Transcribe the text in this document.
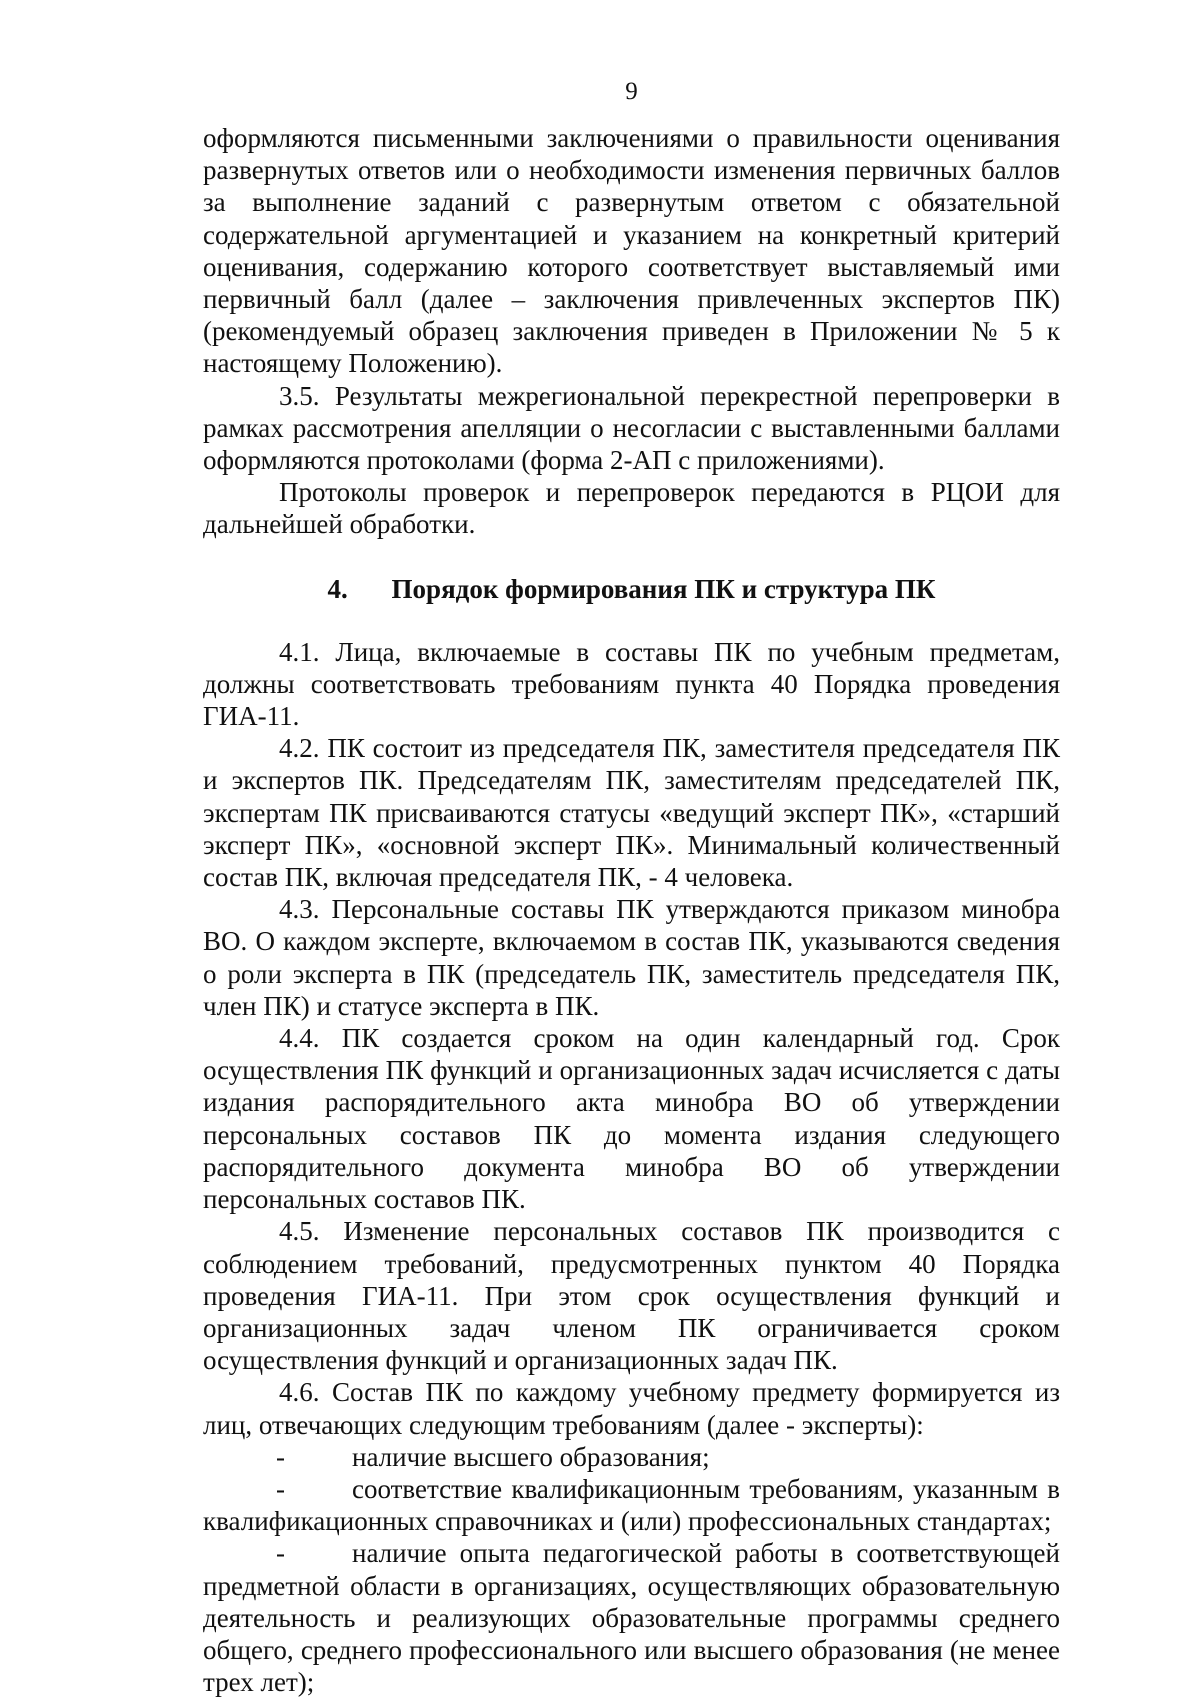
9

оформляются письменными заключениями о правильности оценивания развернутых ответов или о необходимости изменения первичных баллов за выполнение заданий с развернутым ответом с обязательной содержательной аргументацией и указанием на конкретный критерий оценивания, содержанию которого соответствует выставляемый ими первичный балл (далее – заключения привлеченных экспертов ПК) (рекомендуемый образец заключения приведен в Приложении № 5 к настоящему Положению).

3.5. Результаты межрегиональной перекрестной перепроверки в рамках рассмотрения апелляции о несогласии с выставленными баллами оформляются протоколами (форма 2-АП с приложениями).

Протоколы проверок и перепроверок передаются в РЦОИ для дальнейшей обработки.

4. Порядок формирования ПК и структура ПК

4.1. Лица, включаемые в составы ПК по учебным предметам, должны соответствовать требованиям пункта 40 Порядка проведения ГИА-11.

4.2. ПК состоит из председателя ПК, заместителя председателя ПК и экспертов ПК. Председателям ПК, заместителям председателей ПК, экспертам ПК присваиваются статусы «ведущий эксперт ПК», «старший эксперт ПК», «основной эксперт ПК». Минимальный количественный состав ПК, включая председателя ПК, - 4 человека.

4.3. Персональные составы ПК утверждаются приказом минобра ВО. О каждом эксперте, включаемом в состав ПК, указываются сведения о роли эксперта в ПК (председатель ПК, заместитель председателя ПК, член ПК) и статусе эксперта в ПК.

4.4. ПК создается сроком на один календарный год. Срок осуществления ПК функций и организационных задач исчисляется с даты издания распорядительного акта минобра ВО об утверждении персональных составов ПК до момента издания следующего распорядительного документа минобра ВО об утверждении персональных составов ПК.

4.5. Изменение персональных составов ПК производится с соблюдением требований, предусмотренных пунктом 40 Порядка проведения ГИА-11. При этом срок осуществления функций и организационных задач членом ПК ограничивается сроком осуществления функций и организационных задач ПК.

4.6. Состав ПК по каждому учебному предмету формируется из лиц, отвечающих следующим требованиям (далее - эксперты):

- наличие высшего образования;

- соответствие квалификационным требованиям, указанным в квалификационных справочниках и (или) профессиональных стандартах;

- наличие опыта педагогической работы в соответствующей предметной области в организациях, осуществляющих образовательную деятельность и реализующих образовательные программы среднего общего, среднего профессионального или высшего образования (не менее трех лет);
